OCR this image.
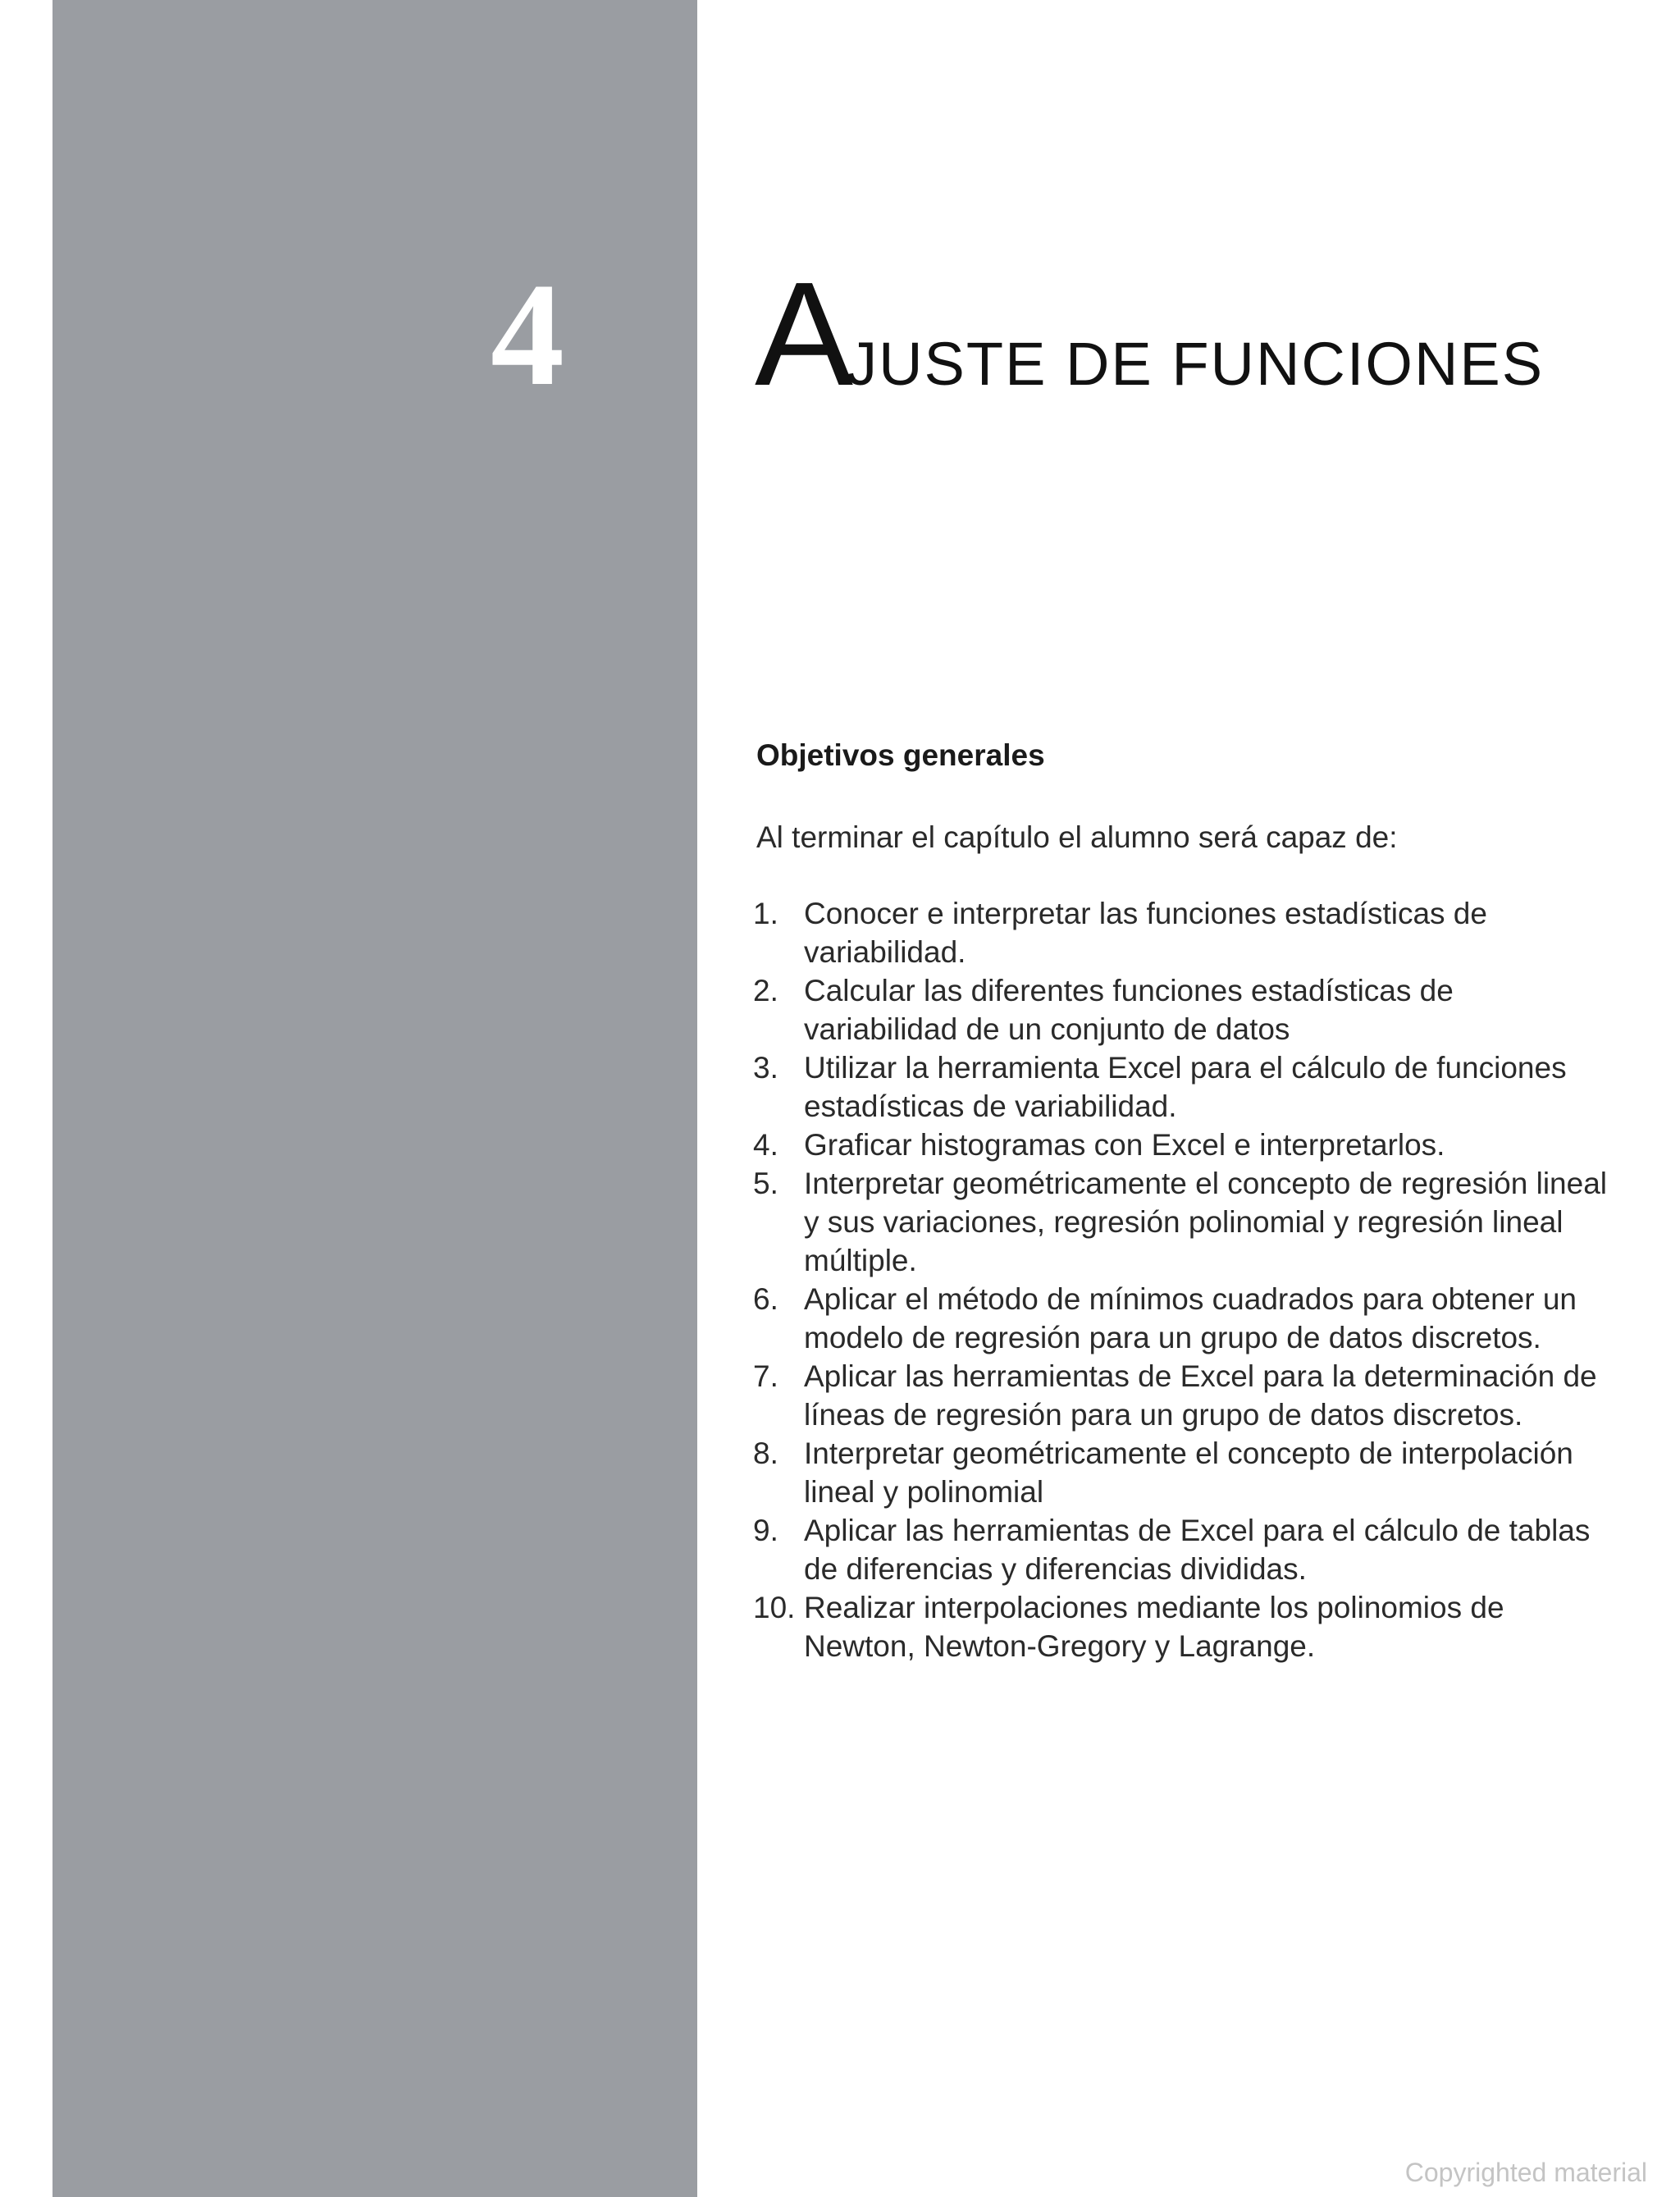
4 AJUSTE DE FUNCIONES
Objetivos generales

Al terminar el capítulo el alumno será capaz de:

1. Conocer e interpretar las funciones estadísticas de variabilidad.
2. Calcular las diferentes funciones estadísticas de variabilidad de un conjunto de datos
3. Utilizar la herramienta Excel para el cálculo de funciones estadísticas de variabilidad.
4. Graficar histogramas con Excel e interpretarlos.
5. Interpretar geométricamente el concepto de regresión lineal y sus variaciones, regresión polinomial y regresión lineal múltiple.
6. Aplicar el método de mínimos cuadrados para obtener un modelo de regresión para un grupo de datos discretos.
7. Aplicar las herramientas de Excel para la determinación de líneas de regresión para un grupo de datos discretos.
8. Interpretar geométricamente el concepto de interpolación lineal y polinomial
9. Aplicar las herramientas de Excel para el cálculo de tablas de diferencias y diferencias divididas.
10. Realizar interpolaciones mediante los polinomios de Newton, Newton-Gregory y Lagrange.
Copyrighted material
